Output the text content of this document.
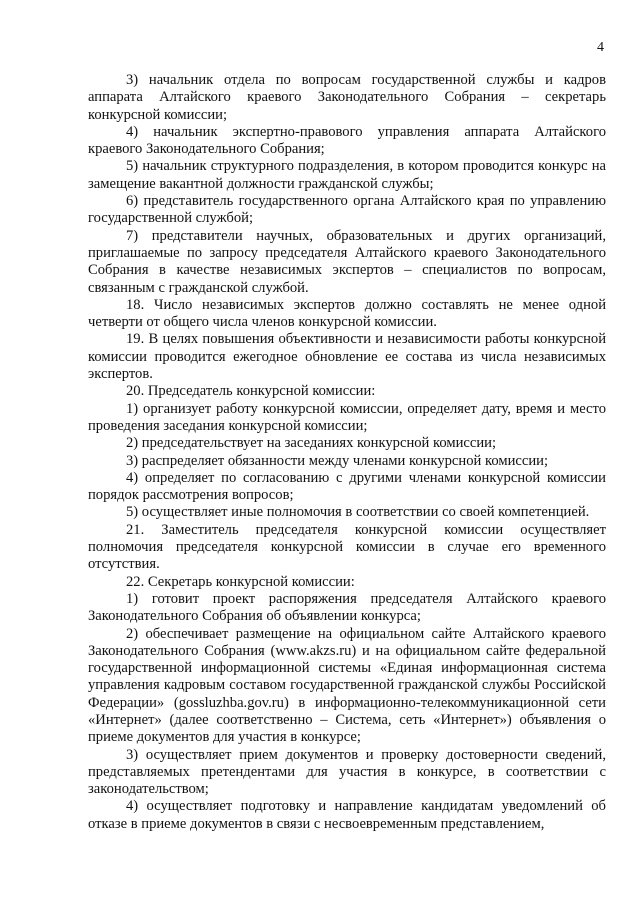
4

3) начальник отдела по вопросам государственной службы и кадров аппарата Алтайского краевого Законодательного Собрания – секретарь конкурсной комиссии;

4) начальник экспертно-правового управления аппарата Алтайского краевого Законодательного Собрания;

5) начальник структурного подразделения, в котором проводится конкурс на замещение вакантной должности гражданской службы;

6) представитель государственного органа Алтайского края по управлению государственной службой;

7) представители научных, образовательных и других организаций, приглашаемые по запросу председателя Алтайского краевого Законодательного Собрания в качестве независимых экспертов – специалистов по вопросам, связанным с гражданской службой.

18. Число независимых экспертов должно составлять не менее одной четверти от общего числа членов конкурсной комиссии.

19. В целях повышения объективности и независимости работы конкурсной комиссии проводится ежегодное обновление ее состава из числа независимых экспертов.

20. Председатель конкурсной комиссии:

1) организует работу конкурсной комиссии, определяет дату, время и место проведения заседания конкурсной комиссии;

2) председательствует на заседаниях конкурсной комиссии;

3) распределяет обязанности между членами конкурсной комиссии;

4) определяет по согласованию с другими членами конкурсной комиссии порядок рассмотрения вопросов;

5) осуществляет иные полномочия в соответствии со своей компетенцией.

21. Заместитель председателя конкурсной комиссии осуществляет полномочия председателя конкурсной комиссии в случае его временного отсутствия.

22. Секретарь конкурсной комиссии:

1) готовит проект распоряжения председателя Алтайского краевого Законодательного Собрания об объявлении конкурса;

2) обеспечивает размещение на официальном сайте Алтайского краевого Законодательного Собрания (www.akzs.ru) и на официальном сайте федеральной государственной информационной системы «Единая информационная система управления кадровым составом государственной гражданской службы Российской Федерации» (gossluzhba.gov.ru) в информационно-телекоммуникационной сети «Интернет» (далее соответственно – Система, сеть «Интернет») объявления о приеме документов для участия в конкурсе;

3) осуществляет прием документов и проверку достоверности сведений, представляемых претендентами для участия в конкурсе, в соответствии с законодательством;

4) осуществляет подготовку и направление кандидатам уведомлений об отказе в приеме документов в связи с несвоевременным представлением,
